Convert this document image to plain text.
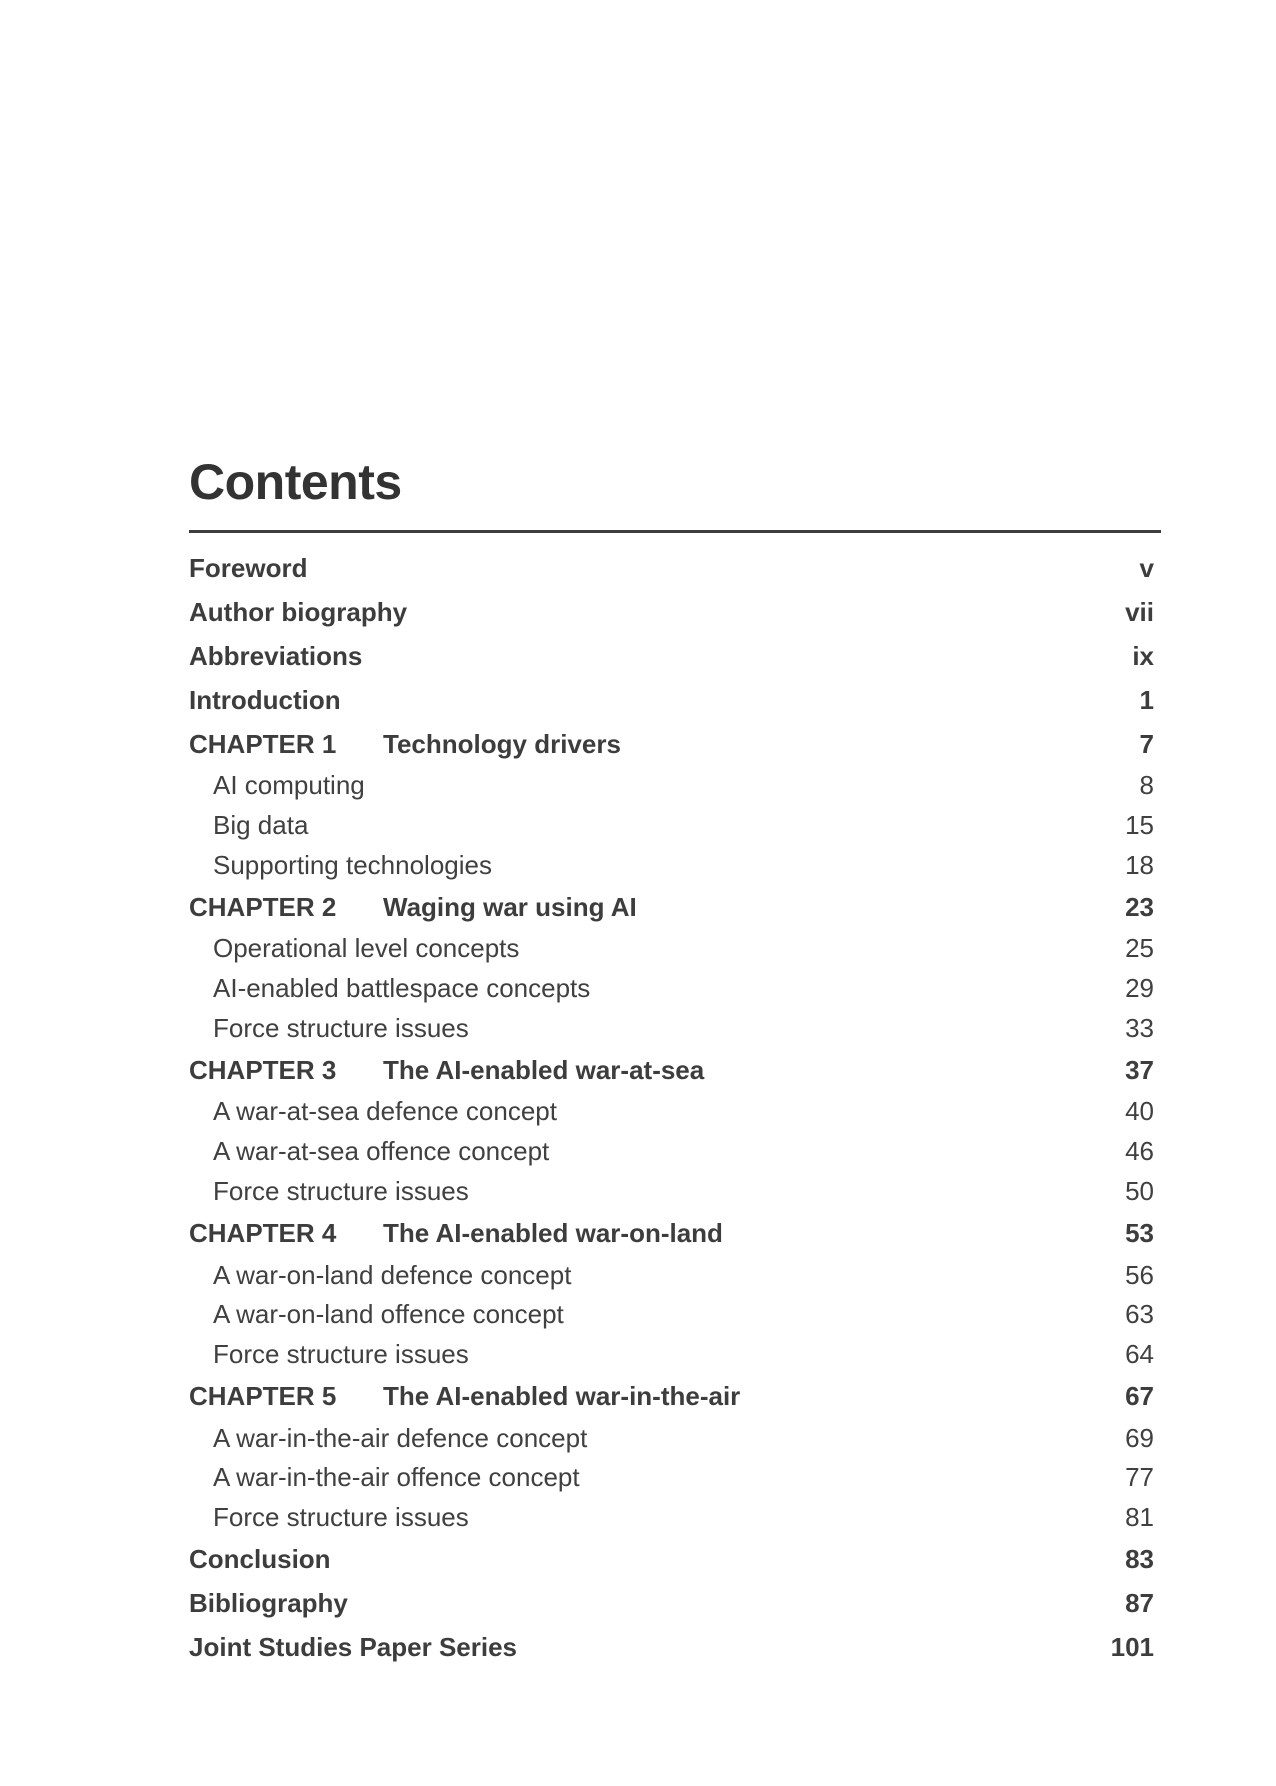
Contents
Foreword	v
Author biography	vii
Abbreviations	ix
Introduction	1
CHAPTER 1	Technology drivers	7
AI computing	8
Big data	15
Supporting technologies	18
CHAPTER 2	Waging war using AI	23
Operational level concepts	25
AI-enabled battlespace concepts	29
Force structure issues	33
CHAPTER 3	The AI-enabled war-at-sea	37
A war-at-sea defence concept	40
A war-at-sea offence concept	46
Force structure issues	50
CHAPTER 4	The AI-enabled war-on-land	53
A war-on-land defence concept	56
A war-on-land offence concept	63
Force structure issues	64
CHAPTER 5	The AI-enabled war-in-the-air	67
A war-in-the-air defence concept	69
A war-in-the-air offence concept	77
Force structure issues	81
Conclusion	83
Bibliography	87
Joint Studies Paper Series	101
